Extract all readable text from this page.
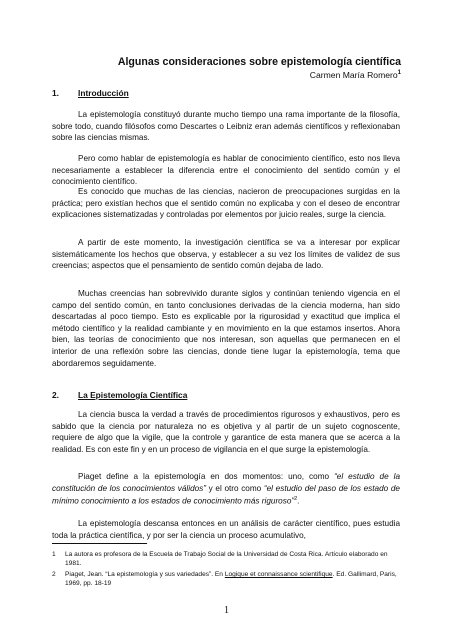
Algunas consideraciones sobre epistemología científica
Carmen María Romero$^1$
1. Introducción

La epistemología constituyó durante mucho tiempo una rama importante de la filosofía, sobre todo, cuando filósofos como Descartes o Leibniz eran además científicos y reflexionaban sobre las ciencias mismas.

Pero como hablar de epistemología es hablar de conocimiento científico, esto nos lleva necesariamente a establecer la diferencia entre el conocimiento del sentido común y el conocimiento científico.

Es conocido que muchas de las ciencias, nacieron de preocupaciones surgidas en la práctica; pero existían hechos que el sentido común no explicaba y con el deseo de encontrar explicaciones sistematizadas y controladas por elementos por juicio reales, surge la ciencia.

A partir de este momento, la investigación científica se va a interesar por explicar sistemáticamente los hechos que observa, y establecer a su vez los límites de validez de sus creencias; aspectos que el pensamiento de sentido común dejaba de lado.

Muchas creencias han sobrevivido durante siglos y continúan teniendo vigencia en el campo del sentido común, en tanto conclusiones derivadas de la ciencia moderna, han sido descartadas al poco tiempo. Esto es explicable por la rigurosidad y exactitud que implica el método científico y la realidad cambiante y en movimiento en la que estamos insertos. Ahora bien, las teorías de conocimiento que nos interesan, son aquellas que permanecen en el interior de una reflexión sobre las ciencias, donde tiene lugar la epistemología, tema que abordaremos seguidamente.

2. La Epistemología Científica

La ciencia busca la verdad a través de procedimientos rigurosos y exhaustivos, pero es sabido que la ciencia por naturaleza no es objetiva y al partir de un sujeto cognoscente, requiere de algo que la vigile, que la controle y garantice de esta manera que se acerca a la realidad. Es con este fin y en un proceso de vigilancia en el que surge la epistemología.

Piaget define a la epistemología en dos momentos: uno, como “el estudio de la constitución de los conocimientos válidos” y el otro como “el estudio del paso de los estado de mínimo conocimiento a los estados de conocimiento más riguroso”$^2$.

La epistemología descansa entonces en un análisis de carácter científico, pues estudia toda la práctica científica, y por ser la ciencia un proceso acumulativo,

1 La autora es profesora de la Escuela de Trabajo Social de la Universidad de Costa Rica. Artículo elaborado en 1981.

2 Piaget, Jean. “La epistemología y sus variedades”. En Logique et connaissance scientifique. Ed. Gallimard, Paris, 1969, pp. 18-19

1
